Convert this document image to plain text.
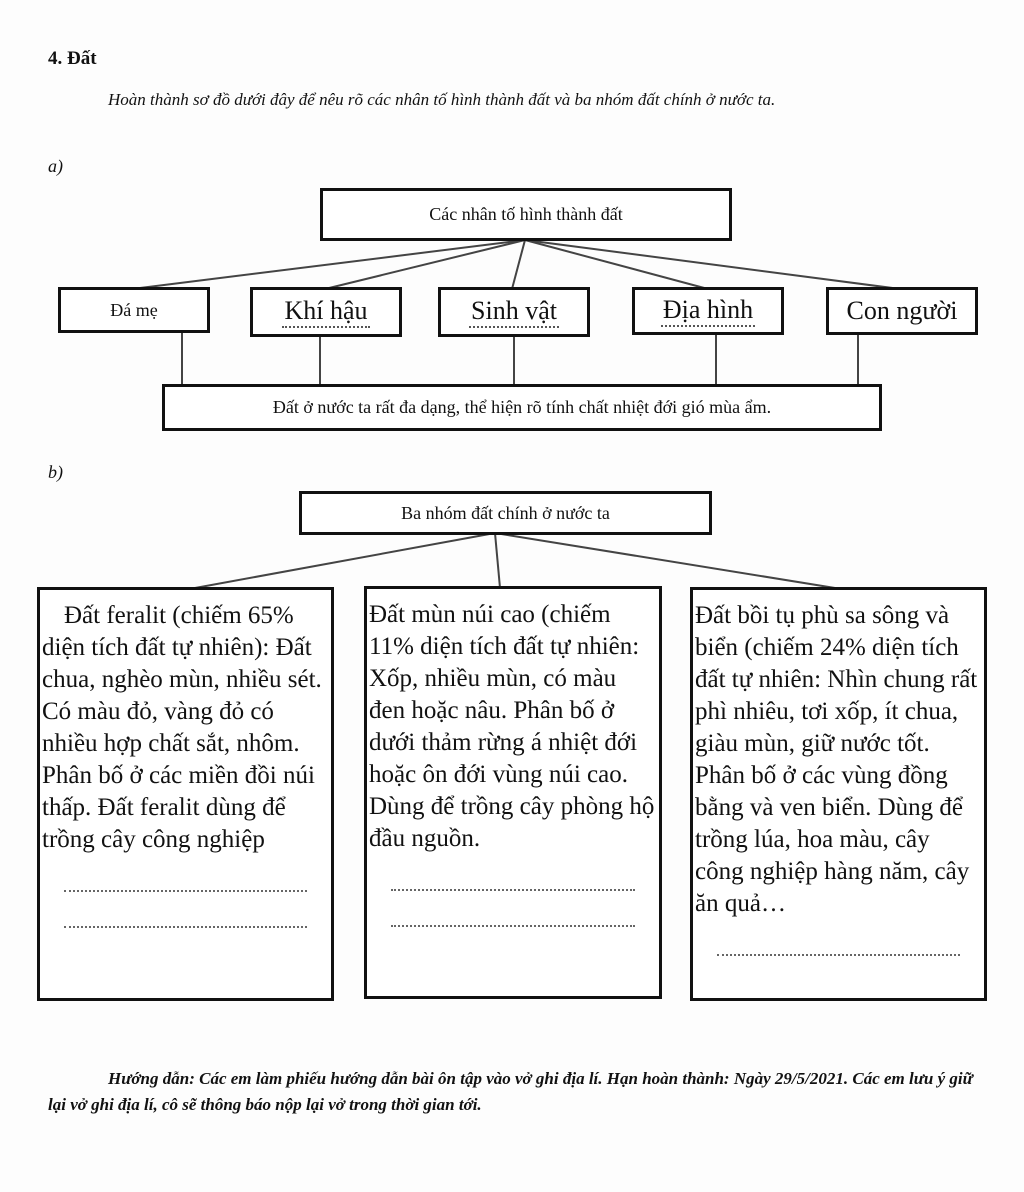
4. Đất
Hoàn thành sơ đồ dưới đây để nêu rõ các nhân tố hình thành đất và ba nhóm đất chính ở nước ta.
a)
Các nhân tố hình thành đất
Đá mẹ	Khí hậu	Sinh vật	Địa hình	Con người
Đất ở nước ta rất đa dạng, thể hiện rõ tính chất nhiệt đới gió mùa ẩm.
b)
Ba nhóm đất chính ở nước ta

Đất feralit (chiếm 65% diện tích đất tự nhiên): Đất chua, nghèo mùn, nhiều sét. Có màu đỏ, vàng đỏ có nhiều hợp chất sắt, nhôm. Phân bố ở các miền đồi núi thấp. Đất feralit dùng để trồng cây công nghiệp

Đất mùn núi cao (chiếm 11% diện tích đất tự nhiên: Xốp, nhiều mùn, có màu đen hoặc nâu. Phân bố ở dưới thảm rừng á nhiệt đới hoặc ôn đới vùng núi cao. Dùng để trồng cây phòng hộ đầu nguồn.

Đất bồi tụ phù sa sông và biển (chiếm 24% diện tích đất tự nhiên: Nhìn chung rất phì nhiêu, tơi xốp, ít chua, giàu mùn, giữ nước tốt. Phân bố ở các vùng đồng bằng và ven biển. Dùng để trồng lúa, hoa màu, cây công nghiệp hàng năm, cây ăn quả…

Hướng dẫn: Các em làm phiếu hướng dẫn bài ôn tập vào vở ghi địa lí. Hạn hoàn thành: Ngày 29/5/2021. Các em lưu ý giữ lại vở ghi địa lí, cô sẽ thông báo nộp lại vở trong thời gian tới.
